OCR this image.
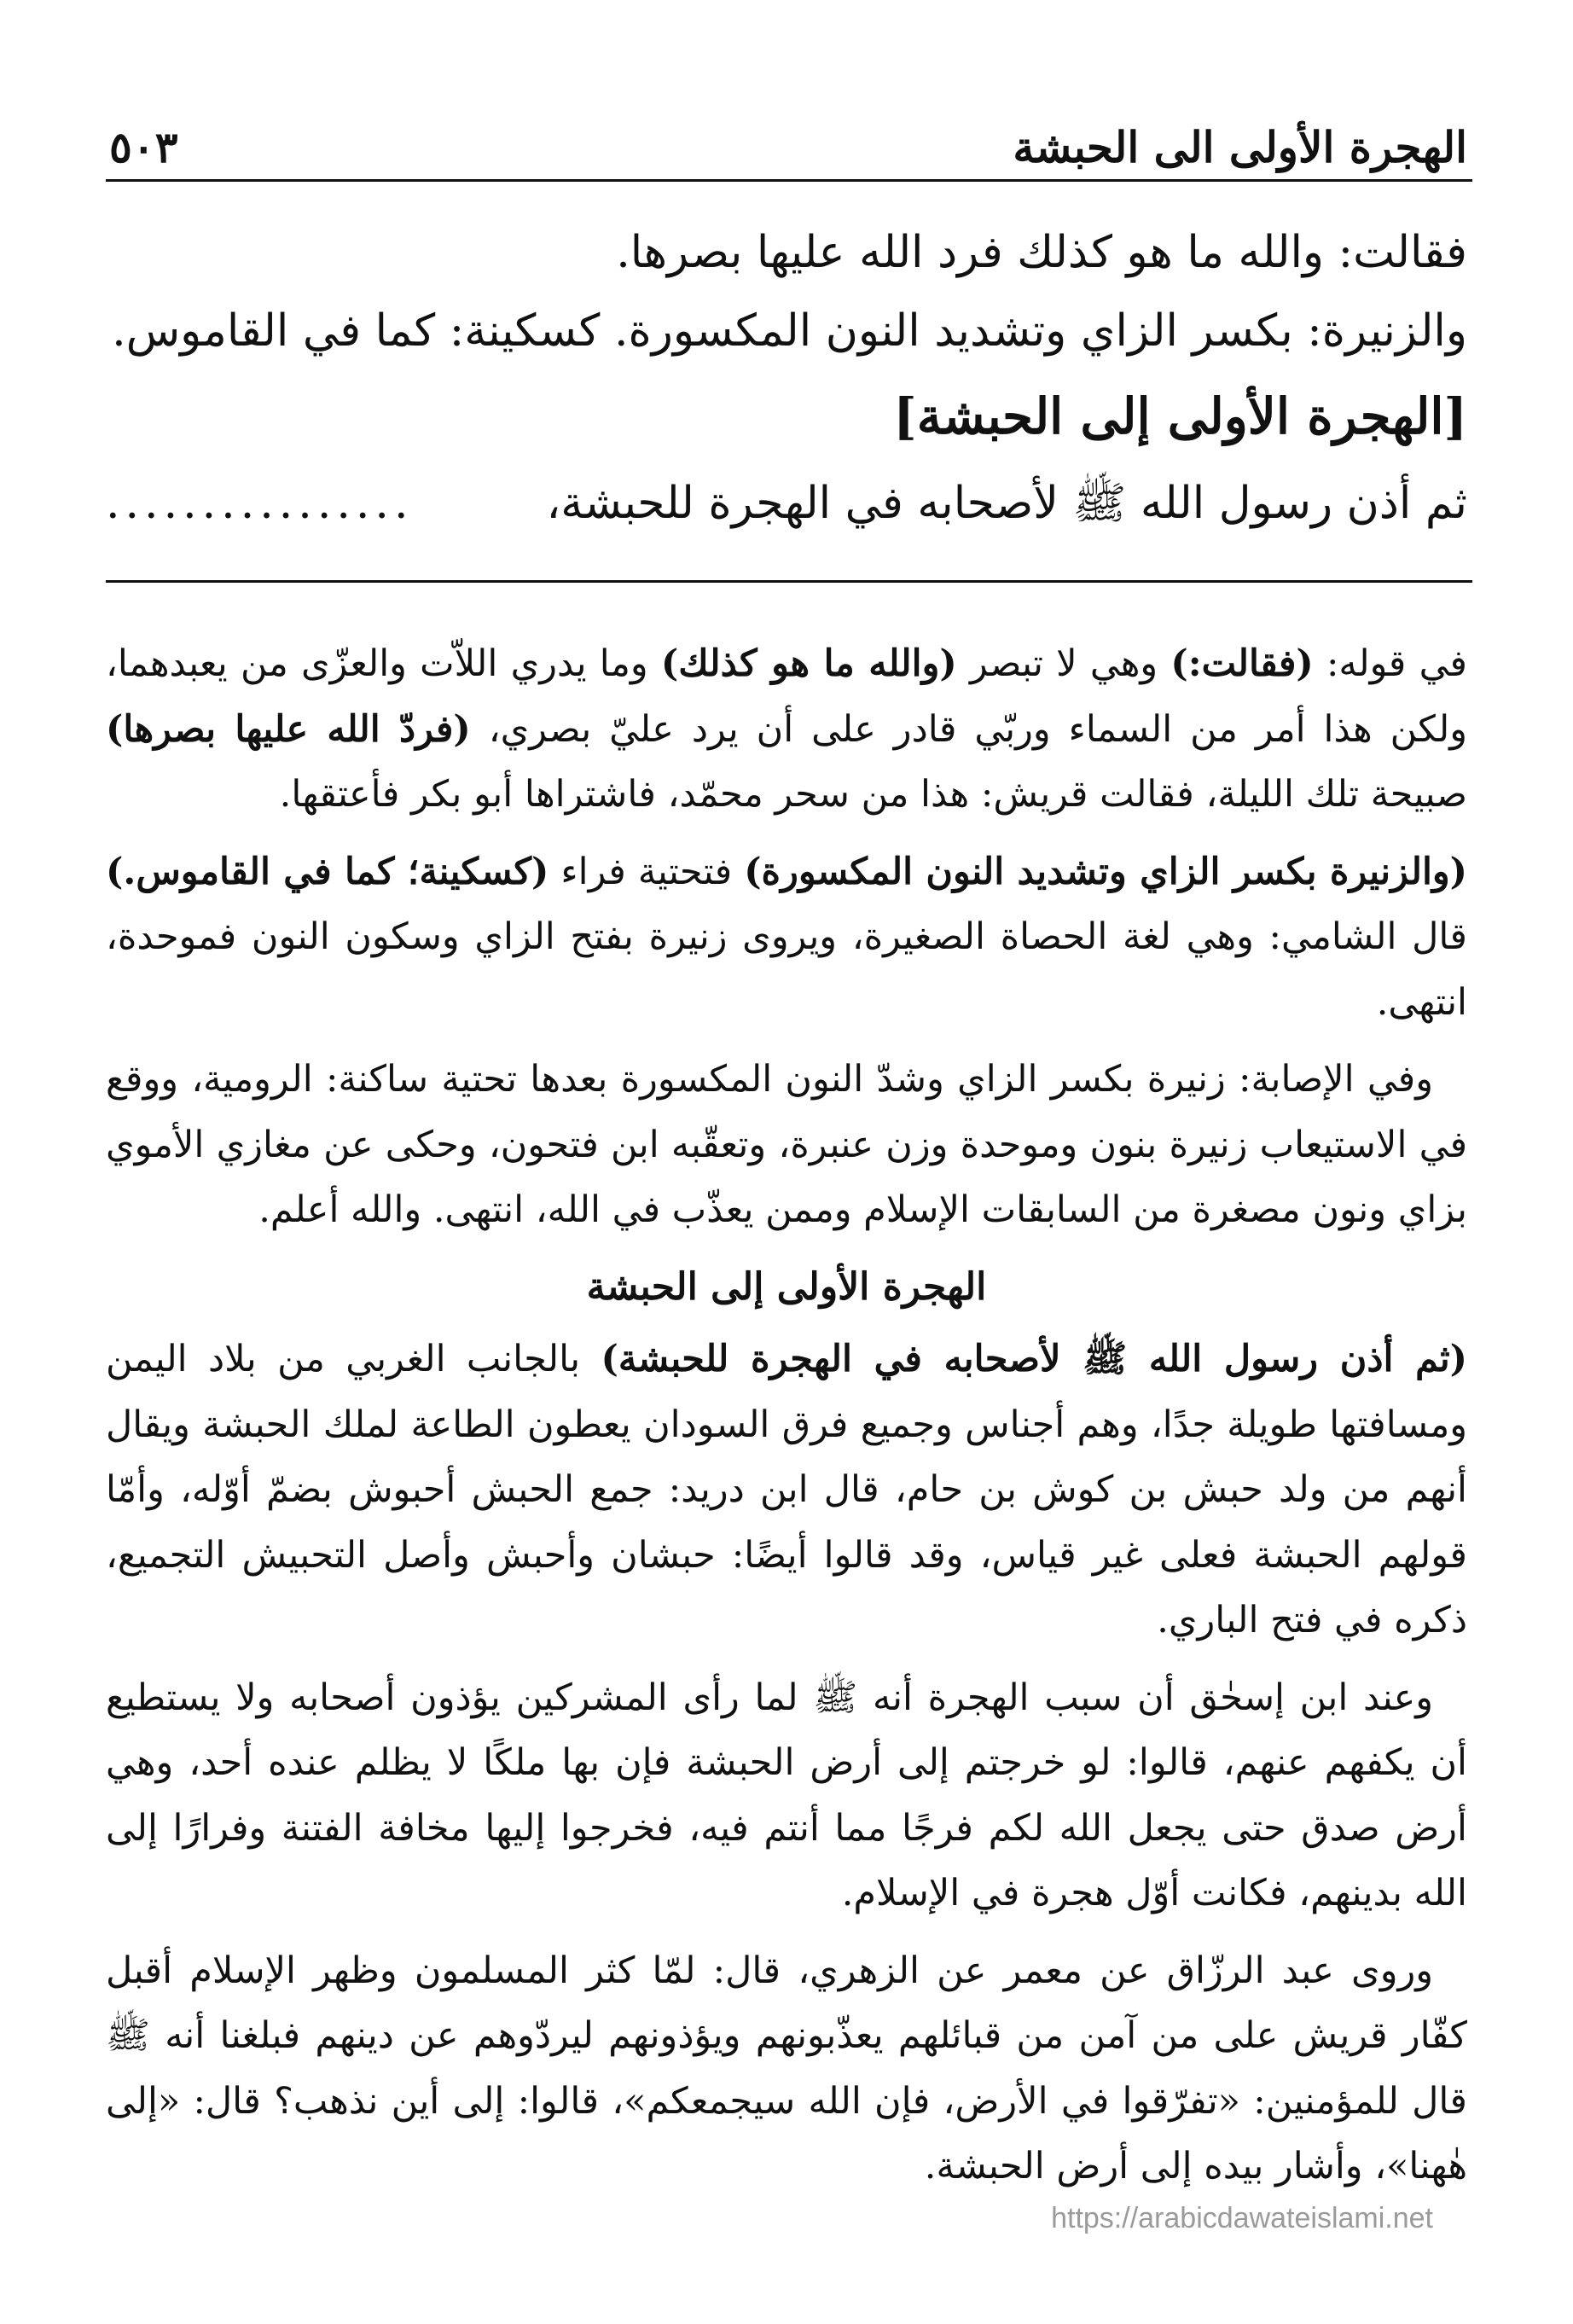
الهجرة الأولى الى الحبشة
٥٠٣

فقالت: والله ما هو كذلك فرد الله عليها بصرها.

والزنيرة: بكسر الزاي وتشديد النون المكسورة. كسكينة: كما في القاموس.

[الهجرة الأولى إلى الحبشة]

ثم أذن رسول الله ﷺ لأصحابه في الهجرة للحبشة،
................

في قوله: (فقالت:) وهي لا تبصر (والله ما هو كذلك) وما يدري اللاّت والعزّى من يعبدهما، ولكن هذا أمر من السماء وربّي قادر على أن يرد عليّ بصري، (فردّ الله عليها بصرها) صبيحة تلك الليلة، فقالت قريش: هذا من سحر محمّد، فاشتراها أبو بكر فأعتقها.

(والزنيرة بكسر الزاي وتشديد النون المكسورة) فتحتية فراء (كسكينة؛ كما في القاموس.) قال الشامي: وهي لغة الحصاة الصغيرة، ويروى زنيرة بفتح الزاي وسكون النون فموحدة، انتهى.

وفي الإصابة: زنيرة بكسر الزاي وشدّ النون المكسورة بعدها تحتية ساكنة: الرومية، ووقع في الاستيعاب زنيرة بنون وموحدة وزن عنبرة، وتعقّبه ابن فتحون، وحكى عن مغازي الأموي بزاي ونون مصغرة من السابقات الإسلام وممن يعذّب في الله، انتهى. والله أعلم.

الهجرة الأولى إلى الحبشة

(ثم أذن رسول الله ﷺ لأصحابه في الهجرة للحبشة) بالجانب الغربي من بلاد اليمن ومسافتها طويلة جدًا، وهم أجناس وجميع فرق السودان يعطون الطاعة لملك الحبشة ويقال أنهم من ولد حبش بن كوش بن حام، قال ابن دريد: جمع الحبش أحبوش بضمّ أوّله، وأمّا قولهم الحبشة فعلى غير قياس، وقد قالوا أيضًا: حبشان وأحبش وأصل التحبيش التجميع، ذكره في فتح الباري.

وعند ابن إسحٰق أن سبب الهجرة أنه ﷺ لما رأى المشركين يؤذون أصحابه ولا يستطيع أن يكفهم عنهم، قالوا: لو خرجتم إلى أرض الحبشة فإن بها ملكًا لا يظلم عنده أحد، وهي أرض صدق حتى يجعل الله لكم فرجًا مما أنتم فيه، فخرجوا إليها مخافة الفتنة وفرارًا إلى الله بدينهم، فكانت أوّل هجرة في الإسلام.

وروى عبد الرزّاق عن معمر عن الزهري، قال: لمّا كثر المسلمون وظهر الإسلام أقبل كفّار قريش على من آمن من قبائلهم يعذّبونهم ويؤذونهم ليردّوهم عن دينهم فبلغنا أنه ﷺ قال للمؤمنين: «تفرّقوا في الأرض، فإن الله سيجمعكم»، قالوا: إلى أين نذهب؟ قال: «إلى هٰهنا»، وأشار بيده إلى أرض الحبشة.

https://arabicdawateislami.net
